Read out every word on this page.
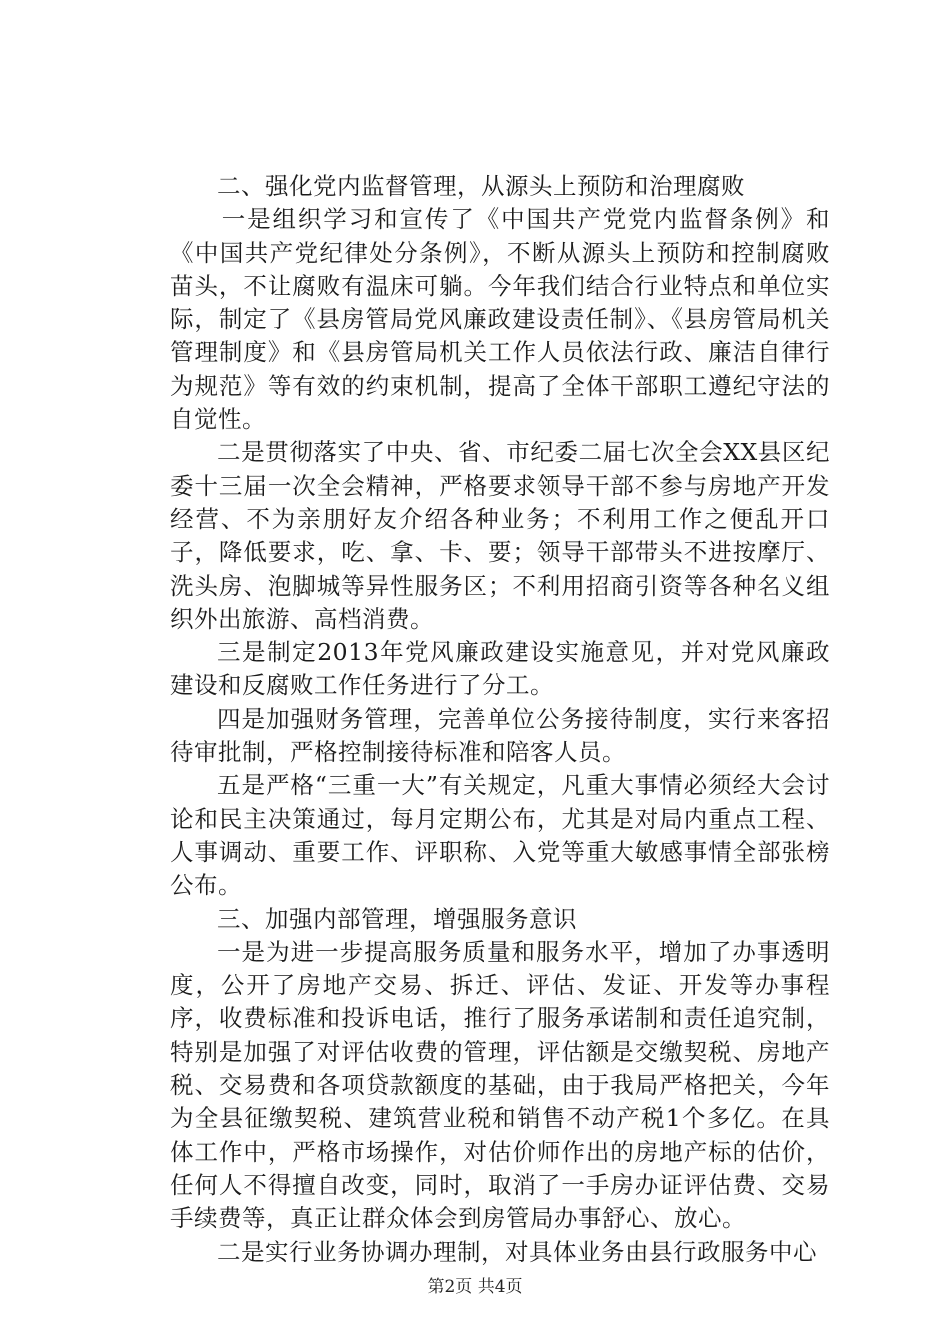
二、强化党内监督管理，从源头上预防和治理腐败

一是组织学习和宣传了《中国共产党党内监督条例》和《中国共产党纪律处分条例》，不断从源头上预防和控制腐败苗头，不让腐败有温床可躺。今年我们结合行业特点和单位实际，制定了《县房管局党风廉政建设责任制》、《县房管局机关管理制度》和《县房管局机关工作人员依法行政、廉洁自律行为规范》等有效的约束机制，提高了全体干部职工遵纪守法的自觉性。

二是贯彻落实了中央、省、市纪委二届七次全会XX县区纪委十三届一次全会精神，严格要求领导干部不参与房地产开发经营、不为亲朋好友介绍各种业务；不利用工作之便乱开口子，降低要求，吃、拿、卡、要；领导干部带头不进按摩厅、洗头房、泡脚城等异性服务区；不利用招商引资等各种名义组织外出旅游、高档消费。

三是制定2013年党风廉政建设实施意见，并对党风廉政建设和反腐败工作任务进行了分工。

四是加强财务管理，完善单位公务接待制度，实行来客招待审批制，严格控制接待标准和陪客人员。

五是严格“三重一大”有关规定，凡重大事情必须经大会讨论和民主决策通过，每月定期公布，尤其是对局内重点工程、人事调动、重要工作、评职称、入党等重大敏感事情全部张榜公布。

三、加强内部管理，增强服务意识

一是为进一步提高服务质量和服务水平，增加了办事透明度，公开了房地产交易、拆迁、评估、发证、开发等办事程序，收费标准和投诉电话，推行了服务承诺制和责任追究制，特别是加强了对评估收费的管理，评估额是交缴契税、房地产税、交易费和各项贷款额度的基础，由于我局严格把关，今年为全县征缴契税、建筑营业税和销售不动产税1个多亿。在具体工作中，严格市场操作，对估价师作出的房地产标的估价，任何人不得擅自改变，同时，取消了一手房办证评估费、交易手续费等，真正让群众体会到房管局办事舒心、放心。

二是实行业务协调办理制，对具体业务由县行政服务中心

第2页 共4页
